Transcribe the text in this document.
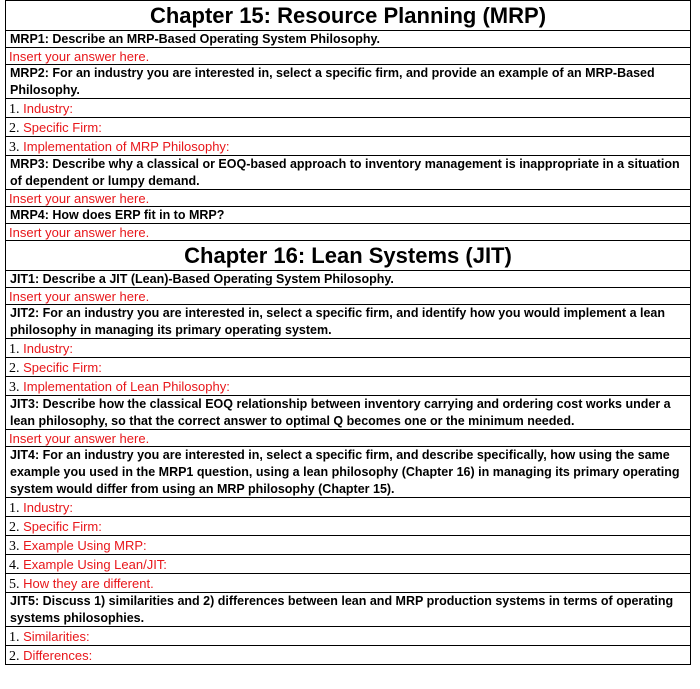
Chapter 15: Resource Planning (MRP)
MRP1: Describe an MRP-Based Operating System Philosophy.
Insert your answer here.
MRP2: For an industry you are interested in, select a specific firm, and provide an example of an MRP-Based Philosophy.
1. Industry:
2. Specific Firm:
3. Implementation of MRP Philosophy:
MRP3: Describe why a classical or EOQ-based approach to inventory management is inappropriate in a situation of dependent or lumpy demand.
Insert your answer here.
MRP4: How does ERP fit in to MRP?
Insert your answer here.
Chapter 16: Lean Systems (JIT)
JIT1: Describe a JIT (Lean)-Based Operating System Philosophy.
Insert your answer here.
JIT2: For an industry you are interested in, select a specific firm, and identify how you would implement a lean philosophy in managing its primary operating system.
1. Industry:
2. Specific Firm:
3. Implementation of Lean Philosophy:
JIT3: Describe how the classical EOQ relationship between inventory carrying and ordering cost works under a lean philosophy, so that the correct answer to optimal Q becomes one or the minimum needed.
Insert your answer here.
JIT4: For an industry you are interested in, select a specific firm, and describe specifically, how using the same example you used in the MRP1 question, using a lean philosophy (Chapter 16) in managing its primary operating system would differ from using an MRP philosophy (Chapter 15).
1. Industry:
2. Specific Firm:
3. Example Using MRP:
4. Example Using Lean/JIT:
5. How they are different.
JIT5: Discuss 1) similarities and 2) differences between lean and MRP production systems in terms of operating systems philosophies.
1. Similarities:
2. Differences:
